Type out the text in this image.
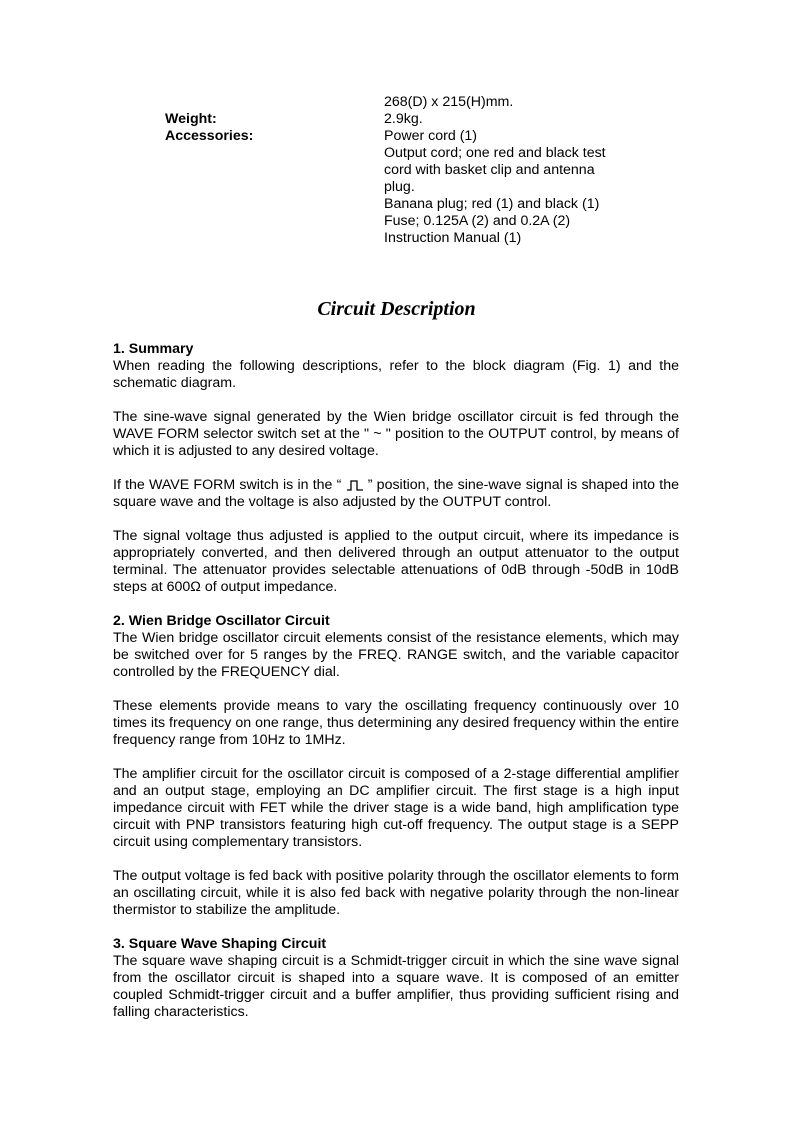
268(D) x 215(H)mm.
Weight:	2.9kg.
Accessories:	Power cord (1)
Output cord; one red and black test
cord with basket clip and antenna
plug.
Banana plug; red (1) and black (1)
Fuse; 0.125A (2) and 0.2A (2)
Instruction Manual (1)
Circuit Description
1. Summary

When reading the following descriptions, refer to the block diagram (Fig. 1) and the schematic diagram.

The sine-wave signal generated by the Wien bridge oscillator circuit is fed through the WAVE FORM selector switch set at the " ~ " position to the OUTPUT control, by means of which it is adjusted to any desired voltage.

If the WAVE FORM switch is in the “  ” position, the sine-wave signal is shaped into the square wave and the voltage is also adjusted by the OUTPUT control.

The signal voltage thus adjusted is applied to the output circuit, where its impedance is appropriately converted, and then delivered through an output attenuator to the output terminal. The attenuator provides selectable attenuations of 0dB through -50dB in 10dB steps at 600Ω of output impedance.

2. Wien Bridge Oscillator Circuit

The Wien bridge oscillator circuit elements consist of the resistance elements, which may be switched over for 5 ranges by the FREQ. RANGE switch, and the variable capacitor controlled by the FREQUENCY dial.

These elements provide means to vary the oscillating frequency continuously over 10 times its frequency on one range, thus determining any desired frequency within the entire frequency range from 10Hz to 1MHz.

The amplifier circuit for the oscillator circuit is composed of a 2-stage differential amplifier and an output stage, employing an DC amplifier circuit. The first stage is a high input impedance circuit with FET while the driver stage is a wide band, high amplification type circuit with PNP transistors featuring high cut-off frequency. The output stage is a SEPP circuit using complementary transistors.

The output voltage is fed back with positive polarity through the oscillator elements to form an oscillating circuit, while it is also fed back with negative polarity through the non-linear thermistor to stabilize the amplitude.

3. Square Wave Shaping Circuit

The square wave shaping circuit is a Schmidt-trigger circuit in which the sine wave signal from the oscillator circuit is shaped into a square wave. It is composed of an emitter coupled Schmidt-trigger circuit and a buffer amplifier, thus providing sufficient rising and falling characteristics.
